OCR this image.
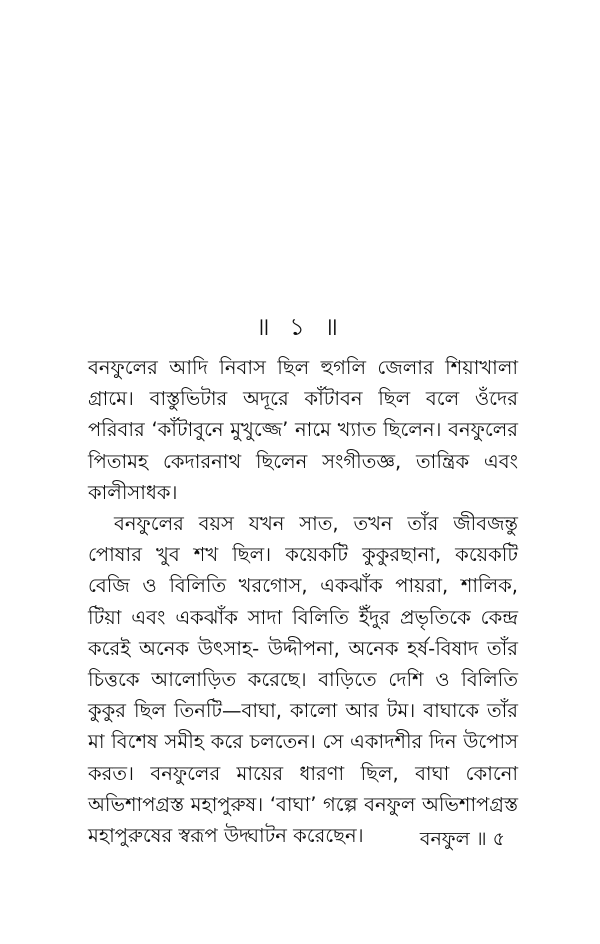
॥ ১ ॥

বনফুলের আদি নিবাস ছিল হুগলি জেলার শিয়াখালা গ্রামে। বাস্তুভিটার অদূরে কাঁটাবন ছিল বলে ওঁদের পরিবার ‘কাঁটাবুনে মুখুজ্জে’ নামে খ্যাত ছিলেন। বনফুলের পিতামহ কেদারনাথ ছিলেন সংগীতজ্ঞ, তান্ত্রিক এবং কালীসাধক।

বনফুলের বয়স যখন সাত, তখন তাঁর জীবজন্তু পোষার খুব শখ ছিল। কয়েকটি কুকুরছানা, কয়েকটি বেজি ও বিলিতি খরগোস, একঝাঁক পায়রা, শালিক, টিয়া এবং একঝাঁক সাদা বিলিতি ইঁদুর প্রভৃতিকে কেন্দ্র করেই অনেক উৎসাহ- উদ্দীপনা, অনেক হর্ষ-বিষাদ তাঁর চিত্তকে আলোড়িত করেছে। বাড়িতে দেশি ও বিলিতি কুকুর ছিল তিনটি—বাঘা, কালো আর টম। বাঘাকে তাঁর মা বিশেষ সমীহ করে চলতেন। সে একাদশীর দিন উপোস করত। বনফুলের মায়ের ধারণা ছিল, বাঘা কোনো অভিশাপগ্রস্ত মহাপুরুষ। ‘বাঘা’ গল্পে বনফুল অভিশাপগ্রস্ত মহাপুরুষের স্বরূপ উদ্ঘাটন করেছেন।	বনফুল ॥ ৫
